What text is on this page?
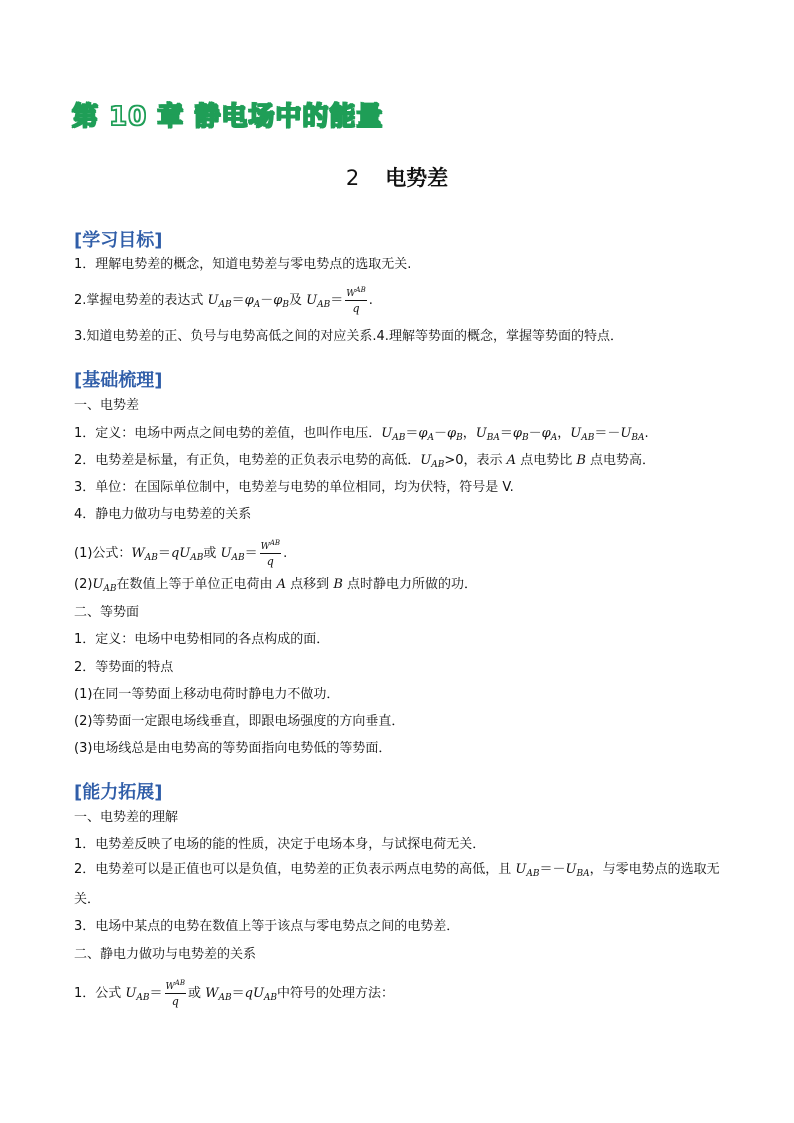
第 10 章 静电场中的能量
2 电势差
[学习目标]
1．理解电势差的概念，知道电势差与零电势点的选取无关.
2.掌握电势差的表达式 $U_{AB}=\varphi_A-\varphi_B$及 $U_{AB}= \frac{W^{AB}}{q}$ .
3.知道电势差的正、负号与电势高低之间的对应关系.4.理解等势面的概念，掌握等势面的特点．
[基础梳理]
一、电势差
1．定义：电场中两点之间电势的差值，也叫作电压．$U_{AB}=\varphi_A-\varphi_B$，$U_{BA}=\varphi_B-\varphi_A$，$U_{AB}=-U_{BA}$.
2．电势差是标量，有正负，电势差的正负表示电势的高低．$U_{AB}>0$，表示 A 点电势比 B 点电势高．
3．单位：在国际单位制中，电势差与电势的单位相同，均为伏特，符号是 V.
4．静电力做功与电势差的关系
(1)公式：$W_{AB}=qU_{AB}$或 $U_{AB}= \frac{W^{AB}}{q}$ .
$(2)U_{AB}$在数值上等于单位正电荷由 A 点移到 B 点时静电力所做的功．
二、等势面
1．定义：电场中电势相同的各点构成的面．
2．等势面的特点
(1)在同一等势面上移动电荷时静电力不做功．
(2)等势面一定跟电场线垂直，即跟电场强度的方向垂直．
(3)电场线总是由电势高的等势面指向电势低的等势面．
[能力拓展]
一、电势差的理解
1．电势差反映了电场的能的性质，决定于电场本身，与试探电荷无关．
2．电势差可以是正值也可以是负值，电势差的正负表示两点电势的高低，且 $U_{AB}=-U_{BA}$，与零电势点的选取无关．
3．电场中某点的电势在数值上等于该点与零电势点之间的电势差．
二、静电力做功与电势差的关系
1．公式 $U_{AB}= \frac{W^{AB}}{q}$ 或 $W_{AB}=qU_{AB}$中符号的处理方法：
